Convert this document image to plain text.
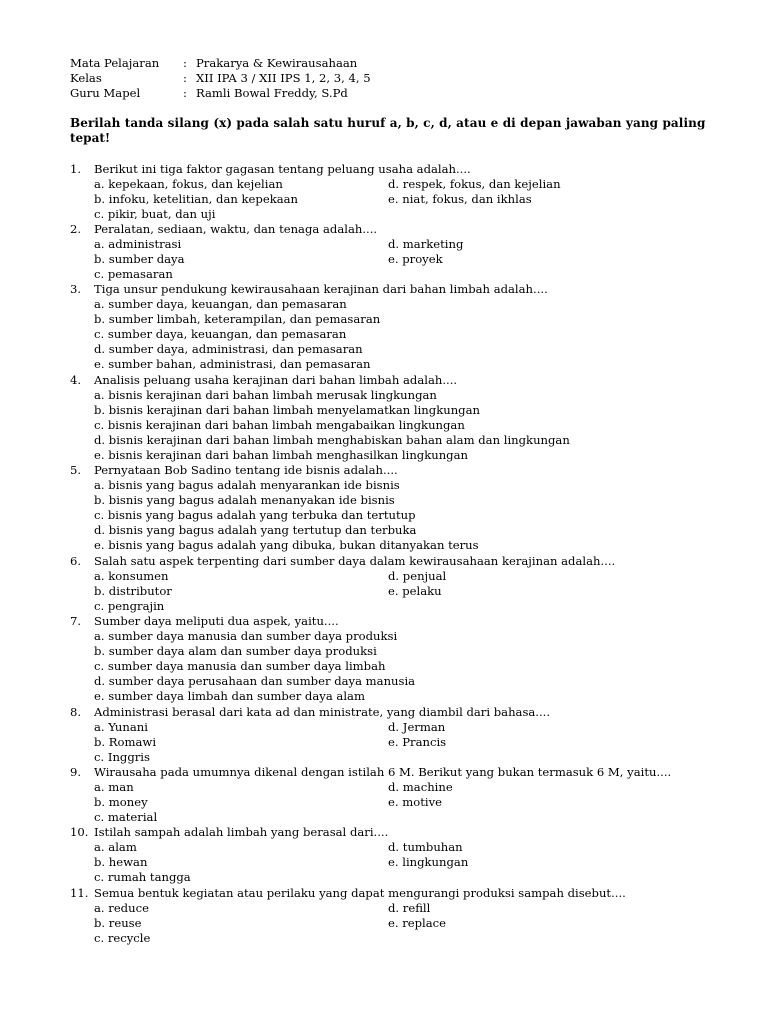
Mata Pelajaran : Prakarya & Kewirausahaan
Kelas	: XII IPA 3 / XII IPS 1, 2, 3, 4, 5
Guru Mapel	: Ramli Bowal Freddy, S.Pd
Berilah tanda silang (x) pada salah satu huruf a, b, c, d, atau e di depan jawaban yang paling
tepat!
1. Berikut ini tiga faktor gagasan tentang peluang usaha adalah....
a. kepekaan, fokus, dan kejelian
b. infoku, ketelitian, dan kepekaan
c. pikir, buat, dan uji
d. respek, fokus, dan kejelian
e. niat, fokus, dan ikhlas
2. Peralatan, sediaan, waktu, dan tenaga adalah....
a. administrasi
b. sumber daya
c. pemasaran
d. marketing
e. proyek
3. Tiga unsur pendukung kewirausahaan kerajinan dari bahan limbah adalah....
a. sumber daya, keuangan, dan pemasaran
b. sumber limbah, keterampilan, dan pemasaran
c. sumber daya, keuangan, dan pemasaran
d. sumber daya, administrasi, dan pemasaran
e. sumber bahan, administrasi, dan pemasaran
4. Analisis peluang usaha kerajinan dari bahan limbah adalah....
a. bisnis kerajinan dari bahan limbah merusak lingkungan
b. bisnis kerajinan dari bahan limbah menyelamatkan lingkungan
c. bisnis kerajinan dari bahan limbah mengabaikan lingkungan
d. bisnis kerajinan dari bahan limbah menghabiskan bahan alam dan lingkungan
e. bisnis kerajinan dari bahan limbah menghasilkan lingkungan
5. Pernyataan Bob Sadino tentang ide bisnis adalah....
a. bisnis yang bagus adalah menyarankan ide bisnis
b. bisnis yang bagus adalah menanyakan ide bisnis
c. bisnis yang bagus adalah yang terbuka dan tertutup
d. bisnis yang bagus adalah yang tertutup dan terbuka
e. bisnis yang bagus adalah yang dibuka, bukan ditanyakan terus
6. Salah satu aspek terpenting dari sumber daya dalam kewirausahaan kerajinan adalah....
a. konsumen
b. distributor
c. pengrajin
d. penjual
e. pelaku
7. Sumber daya meliputi dua aspek, yaitu....
a. sumber daya manusia dan sumber daya produksi
b. sumber daya alam dan sumber daya produksi
c. sumber daya manusia dan sumber daya limbah
d. sumber daya perusahaan dan sumber daya manusia
e. sumber daya limbah dan sumber daya alam
8. Administrasi berasal dari kata ad dan ministrate, yang diambil dari bahasa....
a. Yunani
b. Romawi
c. Inggris
d. Jerman
e. Prancis
9. Wirausaha pada umumnya dikenal dengan istilah 6 M. Berikut yang bukan termasuk 6 M, yaitu....
a. man
b. money
c. material
d. machine
e. motive
10. Istilah sampah adalah limbah yang berasal dari....
a. alam
b. hewan
c. rumah tangga
d. tumbuhan
e. lingkungan
11. Semua bentuk kegiatan atau perilaku yang dapat mengurangi produksi sampah disebut....
a. reduce
b. reuse
c. recycle
d. refill
e. replace
